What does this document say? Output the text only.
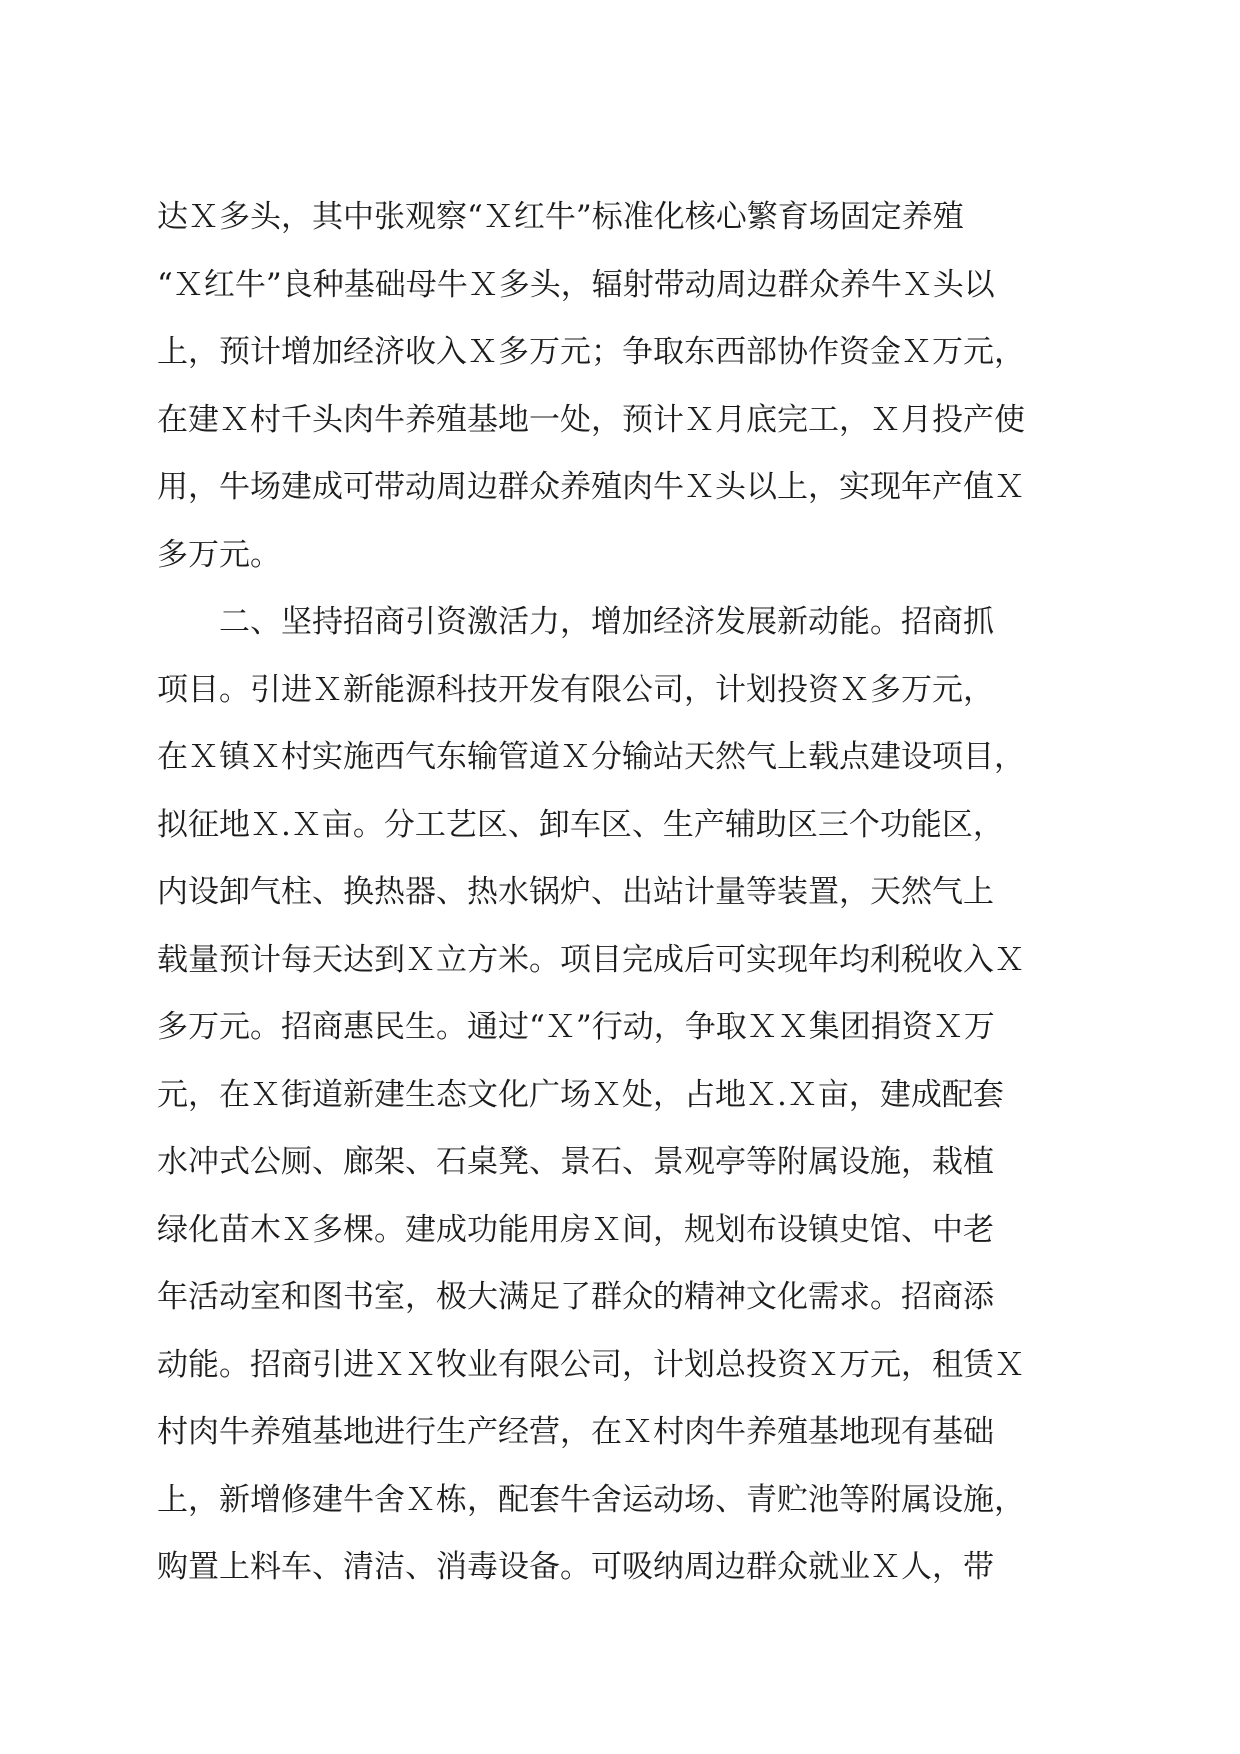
达Ｘ多头，其中张观察“Ｘ红牛”标准化核心繁育场固定养殖
“Ｘ红牛”良种基础母牛Ｘ多头，辐射带动周边群众养牛Ｘ头以
上，预计增加经济收入Ｘ多万元；争取东西部协作资金Ｘ万元，
在建Ｘ村千头肉牛养殖基地一处，预计Ｘ月底完工，Ｘ月投产使
用，牛场建成可带动周边群众养殖肉牛Ｘ头以上，实现年产值Ｘ
多万元。
　　二、坚持招商引资激活力，增加经济发展新动能。招商抓
项目。引进Ｘ新能源科技开发有限公司，计划投资Ｘ多万元，
在Ｘ镇Ｘ村实施西气东输管道Ｘ分输站天然气上载点建设项目，
拟征地Ｘ.Ｘ亩。分工艺区、卸车区、生产辅助区三个功能区，
内设卸气柱、换热器、热水锅炉、出站计量等装置，天然气上
载量预计每天达到Ｘ立方米。项目完成后可实现年均利税收入Ｘ
多万元。招商惠民生。通过“Ｘ”行动，争取ＸＸ集团捐资Ｘ万
元，在Ｘ街道新建生态文化广场Ｘ处，占地Ｘ.Ｘ亩，建成配套
水冲式公厕、廊架、石桌凳、景石、景观亭等附属设施，栽植
绿化苗木Ｘ多棵。建成功能用房Ｘ间，规划布设镇史馆、中老
年活动室和图书室，极大满足了群众的精神文化需求。招商添
动能。招商引进ＸＸ牧业有限公司，计划总投资Ｘ万元，租赁Ｘ
村肉牛养殖基地进行生产经营，在Ｘ村肉牛养殖基地现有基础
上，新增修建牛舍Ｘ栋，配套牛舍运动场、青贮池等附属设施，
购置上料车、清洁、消毒设备。可吸纳周边群众就业Ｘ人，带
